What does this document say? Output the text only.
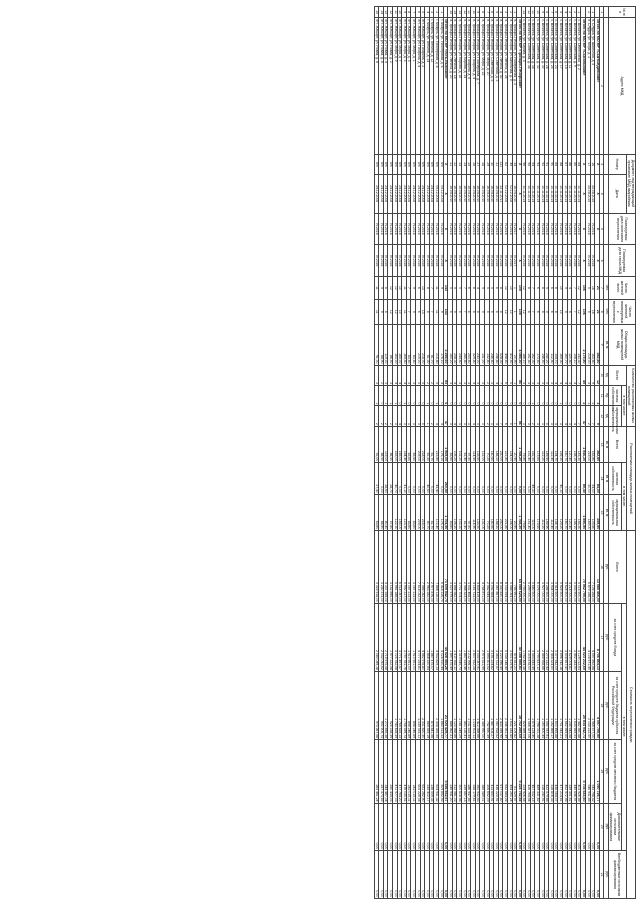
№ п/п	Адрес МКД	Документ, подтверждающий признание МКД аварийным		Планируемая дата окончания переселения	Планируемая дата сноса МКД	Число жителей всего	Число жителей, планируемых к переселению	Общая площадь жилых помещений МКД	Количество расселяемых жилых помещений			Расселяемая площадь жилых помещений			Стоимость переселения граждан					
		Номер	Дата						Всего	в том числе:		Всего	в том числе:		Всего	в том числе:				Внебюджетные источники финансирования
										частная собственность	муниципальная собственность		частная собственность	муниципальная собственность		за счет средств Фонда	за счет средств бюджета субъекта Российской Федерации	за счет средств местного бюджета	Дополнительные источники финансирования	
						чел.	чел.	кв. м	ед.	ед.	ед.	кв. м	кв. м	кв. м	руб.	руб.	руб.	руб.	руб.	руб.
1	2	3	4	5	6	7	8	9	10	11	12	13	14	15	16	17	18	19	20	21
	Итого по МО МР «Сыктывдинский»	X	X	X	X	21	21	382,80	12	3	9	382,80	84,00	298,80	13 985 466,00	8 706 864,13	4 097 799,50	1 090 729,77	0,00	0,00
1	п. Слудка, ул. Школьная, д. 5	16	25.08.2015	IV.2016	IV.2016	16	16	163,80	9	2	7	163,80	54,00	109,80	7 106 268,00	4 597 892,68	1 964 577,00	543 798,32	0,00	0,00
2	п. Слудка, ул. Мира, д. 3	17	25.08.2015	IV.2016	IV.2016	5	5	219,00	3	1	2	219,00	30,00	189,00	6 879 198,00	4 108 971,45	2 133 222,50	546 931,45	0,00	0,00
	Итого по МО МР «Сысольский»	X	X	X	X	106	106	2 179,80	49	2	47	1 946,20	89,40	1 856,80	70 562 799,00	44 023 212,69	20 834 942,71	5 704 643,60	0,00	0,00
1	с. Визинга, ул. Оплесниной, д. 2	84	10.11.2014	IV.2016	IV.2016	12	12	143,30	7	0	7	143,30	0,00	143,30	5 015 500,00	3 129 012,63	1 482 560,88	403 926,49	0,00	0,00
2	с. Визинга, ул. Советская, д. 9	85	10.11.2014	IV.2016	IV.2016	7	7	158,10	4	0	4	158,10	0,00	158,10	5 533 500,00	3 452 183,50	1 635 669,53	445 646,97	0,00	0,00
3	с. Визинга, ул. Советская, д. 11	86	10.11.2014	IV.2016	IV.2016	4	4	120,40	3	0	3	120,40	0,00	120,40	4 214 000,00	2 629 004,81	1 245 643,58	339 351,61	0,00	0,00
4	с. Визинга, ул. Советская, д. 14	87	10.11.2014	IV.2016	IV.2016	9	9	160,70	4	0	4	160,70	0,00	160,70	5 624 500,00	3 508 957,40	1 662 569,65	452 972,95	0,00	0,00
5	с. Визинга, ул. Советская, д. 17	88	10.11.2014	IV.2016	IV.2016	10	10	169,30	4	1	3	169,30	40,10	129,20	5 925 500,00	3 696 742,18	1 751 543,21	477 214,61	0,00	0,00
6	с. Визинга, ул. Советская, д. 23	89	10.11.2014	IV.2016	IV.2016	8	8	154,70	4	0	4	154,70	0,00	154,70	5 414 500,00	3 377 942,05	1 600 493,88	436 064,07	0,00	0,00
7	с. Визинга, ул. Советская, д. 25	90	10.11.2014	IV.2016	IV.2016	6	6	112,40	3	0	3	112,40	0,00	112,40	3 934 000,00	2 454 324,50	1 162 869,17	316 806,33	0,00	0,00
8	с. Визинга, ул. Советская, д. 28	91	10.11.2014	IV.2016	IV.2016	9	9	240,20	5	0	5	149,90	0,00	149,90	5 246 500,00	3 273 132,43	1 550 787,91	422 579,66	0,00	0,00
9	с. Визинга, ул. Советская, д. 30	92	10.11.2014	IV.2016	IV.2016	8	8	146,50	3	0	3	112,20	0,00	112,20	3 927 000,00	2 449 958,66	1 160 800,43	316 240,91	0,00	0,00
10	с. Визинга, ул. Советская, д. 32	93	10.11.2014	IV.2016	IV.2016	6	6	173,60	3	0	3	173,60	0,00	173,60	6 076 000,00	3 790 637,10	1 796 031,28	489 331,62	0,00	0,00
11	с. Визинга, ул. Советская, д. 34	94	10.11.2014	IV.2016	IV.2016	7	7	162,30	3	1	2	162,30	49,30	113,00	5 680 500,00	3 543 843,45	1 679 124,40	457 532,15	0,00	0,00
12	с. Визинга, ул. Советская, д. 36	95	10.11.2014	IV.2016	IV.2016	8	8	151,40	3	0	3	151,40	0,00	151,40	5 299 000,00	3 305 878,00	1 566 357,06	426 764,94	0,00	0,00
13	с. Визинга, ул. Кирова, д. 5	96	10.11.2014	IV.2016	IV.2016	12	12	186,10	3	0	3	79,80	0,00	79,80	2 793 000,00	1 742 484,38	825 589,04	224 926,58	0,00	0,00
	Итого по МО МР «Троицко-Печорский»	X	X	X	X	105	105	4 085,30	56	0	56	1 768,20	0,00	1 768,20	64 085 624,00	40 158 585,81	18 702 285,65	5 224 752,54	0,00	0,00
1	п. Троицко-Печорск, ул. Набережная, д. 3	34	16.04.2010	IV.2017	IV.2017	1	1	20,90	1	0	1	20,90	0,00	20,90	756 991,00	474 351,21	221 109,82	61 529,97	0,00	0,00
2	п. Троицко-Печорск, ул. Школьная, д. 5	49	02.12.2008	IV.2016	IV.2016	10	10	402,40	5	0	5	154,00	0,00	154,00	5 588 064,00	3 501 619,91	1 632 183,85	454 260,24	0,00	0,00
3	п. Троицко-Печорск, ул. Ленина, д. 26	62	02.12.2008	IV.2016	IV.2016	12	12	498,60	6	0	6	221,80	0,00	221,80	8 033 594,00	5 034 148,45	2 346 561,49	652 884,06	0,00	0,00
4	п. Троицко-Печорск, ул. Ленина, д. 30	131	22.11.2011	IV.2016	IV.2016	8	8	528,30	7	0	7	230,00	0,00	230,00	8 330 830,00	5 220 396,45	2 433 395,95	677 037,60	0,00	0,00
5	п. Троицко-Печорск, ул. Советская, д. 3	31	16.04.2010	IV.2016	IV.2016	6	6	246,80	4	0	4	148,20	0,00	148,20	5 367 867,00	3 363 722,57	1 567 918,52	436 225,91	0,00	0,00
6	п. Троицко-Печорск, ул. Советская, д. 5	30	16.04.2010	IV.2016	IV.2016	5	5	246,60	3	0	3	140,60	0,00	140,60	5 092 584,00	3 191 224,82	1 487 508,27	413 850,91	0,00	0,00
7	п. Троицко-Печорск, ул. Мира, д. 20	29	16.04.2010	IV.2016	IV.2016	5	5	132,80	2	0	2	70,20	0,00	70,20	2 542 644,00	1 593 301,52	742 690,39	206 652,09	0,00	0,00
8	п. Троицко-Печорск, ул. Мира, д. 22	28	16.04.2010	IV.2016	IV.2016	9	9	131,00	3	0	3	131,00	0,00	131,00	4 744 871,00	2 973 331,99	1 385 950,00	385 589,01	0,00	0,00
9	п. Троицко-Печорск, ул. Пионерская, д. 7	27	16.04.2010	IV.2016	IV.2016	4	4	243,00	3	0	3	133,50	0,00	133,50	4 835 419,00	3 030 087,91	1 412 398,66	392 932,43	0,00	0,00
10	п. Троицко-Печорск, ул. Гагарина, д. 4	26	16.04.2010	IV.2016	IV.2016	8	8	329,80	4	0	4	114,90	0,00	114,90	4 161 723,00	2 607 932,28	1 215 611,11	338 179,61	0,00	0,00
11	п. Троицко-Печорск, ул. Гагарина, д. 6	25	16.04.2010	IV.2016	IV.2016	6	6	253,60	3	0	3	97,50	0,00	97,50	3 531 468,00	2 212 995,11	1 031 525,44	286 947,45	0,00	0,00
12	п. Троицко-Печорск, ул. Кирова, д. 14	24	16.04.2010	IV.2016	IV.2016	7	7	285,80	3	0	3	81,40	0,00	81,40	2 948 323,00	1 847 539,46	861 116,41	239 667,13	0,00	0,00
13	п. Троицко-Печорск, ул. Кирова, д. 16	23	16.04.2010	IV.2016	IV.2016	5	5	244,40	3	0	3	102,20	0,00	102,20	3 701 704,00	2 319 645,73	1 081 249,29	300 808,98	0,00	0,00
14	п. Троицко-Печорск, ул. Ленина, д. 18	22	16.04.2010	IV.2016	IV.2016	9	9	258,30	4	0	4	106,20	0,00	106,20	3 846 582,00	2 410 432,11	1 123 568,86	312 581,03	0,00	0,00
15	п. Троицко-Печорск, ул. Ленина, д. 20	21	16.04.2010	IV.2016	IV.2016	5	5	183,20	3	0	3	83,60	0,00	83,60	3 027 979,00	1 897 475,49	884 562,31	245 941,20	0,00	0,00
	Итого по МО МР «Усть-Вымский»	X	X	X	X	143	143	2 255,60	53	6	47	1 965,00	260,50	1 704,50	71 609 542,70	44 928 454,26	21 024 425,77	5 656 662,67	0,00	0,00
1	г. Микунь, ул. Пионерская, д. 6	б/н	09.12.2008	IV.2016	IV.2016	9	9	176,10	4	0	4	176,10	0,00	176,10	6 418 316,70	4 024 910,44	1 883 513,33	509 892,93	0,00	0,00
2	г. Микунь, ул. Пионерская, д. 8	б/н	09.12.2008	IV.2016	IV.2016	11	11	215,80	5	1	4	215,80	43,40	172,40	7 866 116,00	4 932 829,13	2 308 355,55	624 931,32	0,00	0,00
3	г. Микунь, ул. Ленина, д. 12	б/н	24.12.2008	IV.2016	IV.2016	7	7	81,70	2	0	2	81,70	0,00	81,70	2 977 876,00	1 867 475,07	873 841,58	236 559,35	0,00	0,00
4	г. Микунь, ул. Ленина, д. 14	б/н	24.12.2008	IV.2016	IV.2016	8	8	81,30	2	1	1	81,30	40,60	40,70	2 963 282,00	1 858 320,64	869 559,19	235 402,17	0,00	0,00
5	пгт. Жешарт, ул. Гагарина, д. 2	б/н	24.12.2008	IV.2016	IV.2016	13	13	218,00	5	0	5	218,00	0,00	218,00	7 946 082,00	4 982 978,80	2 331 820,30	631 282,90	0,00	0,00
6	пгт. Жешарт, ул. Гагарина, д. 4	б/н	24.12.2008	IV.2016	IV.2016	6	6	209,00	3	0	3	209,00	0,00	209,00	7 618 032,00	4 777 254,81	2 235 551,11	605 226,08	0,00	0,00
7	пгт. Жешарт, ул. Мира, д. 1	б/н	24.12.2008	IV.2016	IV.2016	9	9	83,60	3	0	3	83,60	0,00	83,60	3 047 213,00	1 910 951,00	894 246,89	242 015,11	0,00	0,00
8	пгт. Жешарт, ул. Мира, д. 3	б/н	24.12.2008	IV.2016	IV.2016	7	7	83,60	3	0	3	83,60	0,00	83,60	3 047 213,00	1 910 951,00	894 246,89	242 015,11	0,00	0,00
9	пгт. Жешарт, ул. Мира, д. 5	б/н	24.12.2008	IV.2016	IV.2016	11	11	164,40	4	1	3	164,40	41,10	123,30	5 992 217,00	3 757 781,76	1 758 399,73	476 035,51	0,00	0,00
10	пгт. Жешарт, ул. Мира, д. 7	б/н	24.12.2008	IV.2016	IV.2016	10	10	165,00	4	0	4	165,00	0,00	165,00	6 014 087,00	3 771 497,67	1 764 825,13	477 764,20	0,00	0,00
11	пгт. Жешарт, ул. Мира, д. 9	б/н	24.12.2008	IV.2016	IV.2016	12	12	163,00	4	1	3	163,00	40,70	122,30	5 941 188,00	3 725 782,58	1 743 428,39	471 977,03	0,00	0,00
12	пгт. Жешарт, ул. Новая, д. 2	б/н	24.12.2008	IV.2016	IV.2016	12	12	86,50	3	1	2	86,50	28,70	57,80	3 152 895,00	1 977 222,58	925 238,39	250 434,03	0,00	0,00
13	пгт. Жешарт, ул. Новая, д. 4	б/н	24.12.2008	IV.2016	IV.2016	8	8	119,00	3	1	2	119,00	38,60	80,40	4 337 358,00	2 719 975,58	1 272 895,38	344 487,04	0,00	0,00
14	пгт. Жешарт, ул. Новая, д. 6	б/н	24.12.2008	IV.2016	IV.2016	9	9	88,90	2	0	2	88,90	0,00	88,90	3 240 373,00	2 032 092,62	950 906,73	257 373,65	0,00	0,00
15	пгт. Жешарт, ул. Новая, д. 8	б/н	24.12.2008	IV.2016	IV.2016	11	11	91,00	3	1	2	91,00	27,40	63,60	3 316 918,00	2 080 089,18	973 367,58	263 461,24	0,00	0,00
